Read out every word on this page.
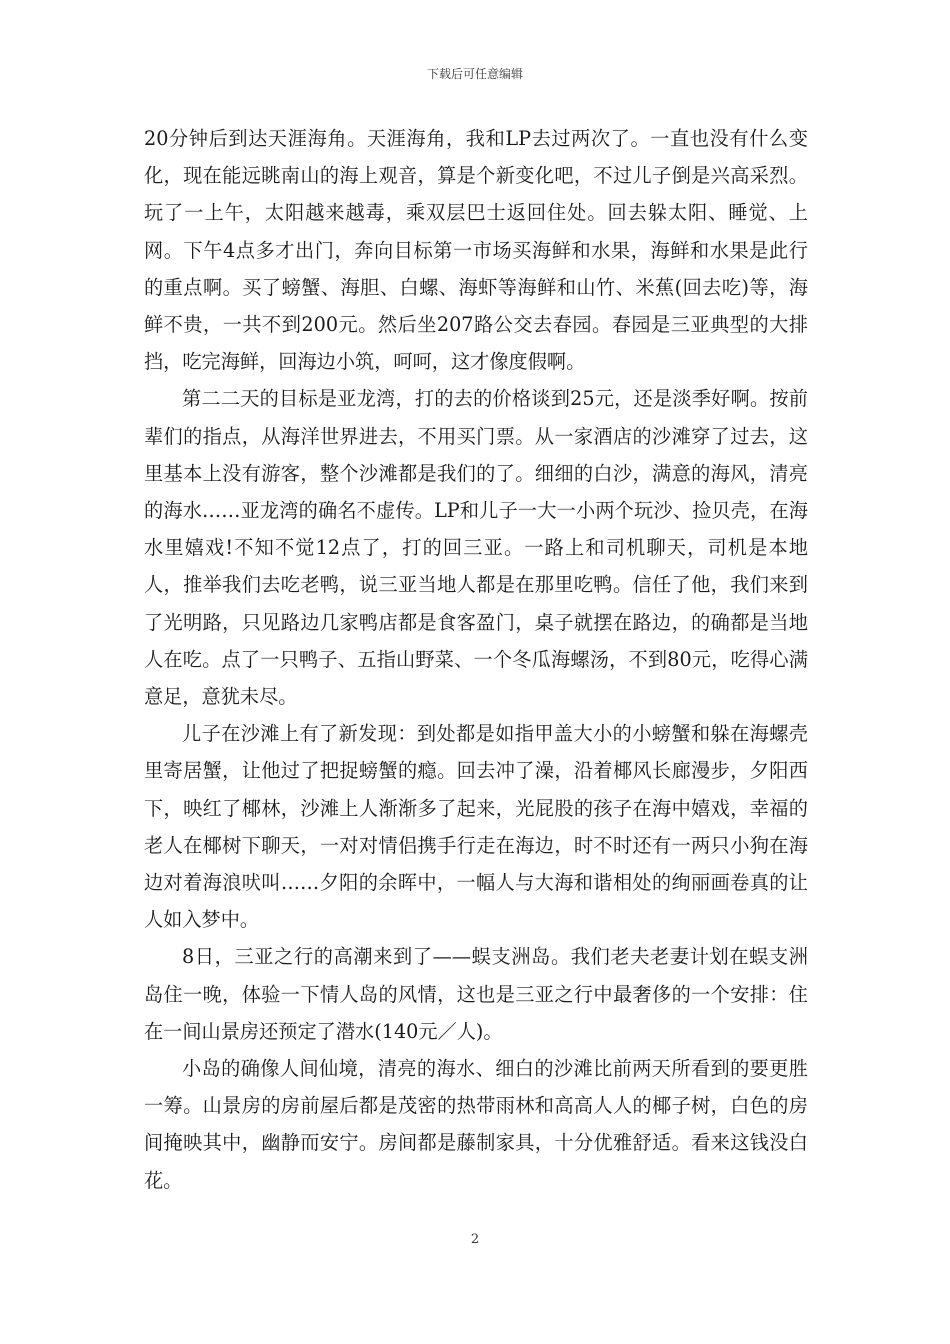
下载后可任意编辑

20分钟后到达天涯海角。天涯海角，我和LP去过两次了。一直也没有什么变化，现在能远眺南山的海上观音，算是个新变化吧，不过儿子倒是兴高采烈。玩了一上午，太阳越来越毒，乘双层巴士返回住处。回去躲太阳、睡觉、上网。下午4点多才出门，奔向目标第一市场买海鲜和水果，海鲜和水果是此行的重点啊。买了螃蟹、海胆、白螺、海虾等海鲜和山竹、米蕉(回去吃)等，海鲜不贵，一共不到200元。然后坐207路公交去春园。春园是三亚典型的大排挡，吃完海鲜，回海边小筑，呵呵，这才像度假啊。

第二二天的目标是亚龙湾，打的去的价格谈到25元，还是淡季好啊。按前辈们的指点，从海洋世界进去，不用买门票。从一家酒店的沙滩穿了过去，这里基本上没有游客，整个沙滩都是我们的了。细细的白沙，满意的海风，清亮的海水……亚龙湾的确名不虚传。LP和儿子一大一小两个玩沙、捡贝壳，在海水里嬉戏!不知不觉12点了，打的回三亚。一路上和司机聊天，司机是本地人，推举我们去吃老鸭，说三亚当地人都是在那里吃鸭。信任了他，我们来到了光明路，只见路边几家鸭店都是食客盈门，桌子就摆在路边，的确都是当地人在吃。点了一只鸭子、五指山野菜、一个冬瓜海螺汤，不到80元，吃得心满意足，意犹未尽。

儿子在沙滩上有了新发现：到处都是如指甲盖大小的小螃蟹和躲在海螺壳里寄居蟹，让他过了把捉螃蟹的瘾。回去冲了澡，沿着椰风长廊漫步，夕阳西下，映红了椰林，沙滩上人渐渐多了起来，光屁股的孩子在海中嬉戏，幸福的老人在椰树下聊天，一对对情侣携手行走在海边，时不时还有一两只小狗在海边对着海浪吠叫……夕阳的余晖中，一幅人与大海和谐相处的绚丽画卷真的让人如入梦中。

8日，三亚之行的高潮来到了——蜈支洲岛。我们老夫老妻计划在蜈支洲岛住一晚，体验一下情人岛的风情，这也是三亚之行中最奢侈的一个安排：住在一间山景房还预定了潜水(140元／人)。

小岛的确像人间仙境，清亮的海水、细白的沙滩比前两天所看到的要更胜一筹。山景房的房前屋后都是茂密的热带雨林和高高人人的椰子树，白色的房间掩映其中，幽静而安宁。房间都是藤制家具，十分优雅舒适。看来这钱没白花。

2
